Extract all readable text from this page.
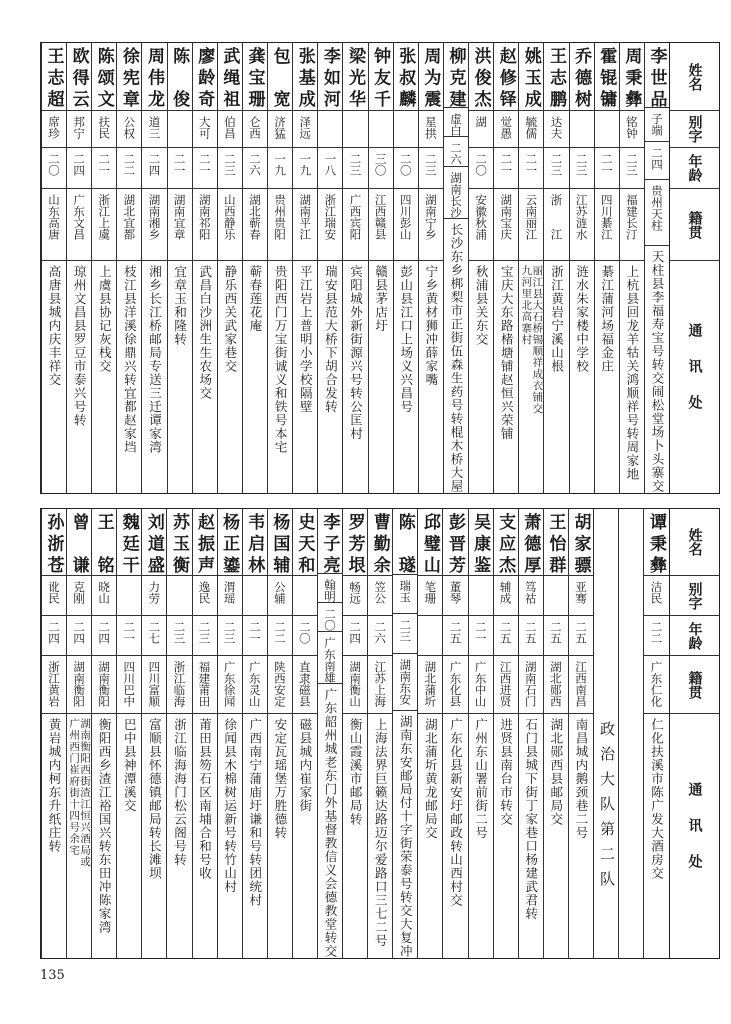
姓名
别字
年龄
籍贯
通讯处
李世品
子端
二四
贵州天柱
天柱县李福寿宝号转交闹松堂场卜头寨交
周秉彝
铭钟
二三
福建长汀
上杭县回龙羊牯关鸿顺祥号转周家地
霍锟镛
二一
四川綦江
綦江蒲河场福金庄
乔德树
二三
江苏涟水
涟水朱家楼中学校
王志鹏
达夫
二三
浙　　江
浙江黄岩宁溪山根
姚玉成
毓儒
二一
云南丽江
丽江县大石桥锡顺祥成衣铺交
九河里北高寨村
赵修铎
觉愚
二一
湖南宝庆
宝庆大东路楮塘铺赵恒兴荣铺
洪俊杰
湖
二〇
安徽秋浦
秋浦县关东交
柳克建
虚白
二六
湖南长沙
长沙东乡梆梨市正街伍森生药号转棍木桥大屋
周为震
星拱
二三
湖南宁乡
宁乡黄材狮冲薛家嘴
张叔麟
二〇
四川彭山
彭山县江口上场义兴昌号
钟友千
三〇
江西赣县
赣县茅店圩
梁光华
二三
广西宾阳
宾阳城外新街源兴号转公匡村
李如河
一八
浙江瑞安
瑞安县范大桥下胡合发转
张基成
泽远
一九
湖南平江
平江岩上普明小学校隔壁
包宽
济猛
一九
贵州贵阳
贵阳西门万宝街诚义和铁号本宅
龚宝珊
仑西
二六
湖北蕲春
蕲春莲花庵
武绳祖
伯昌
二三
山西静乐
静乐西关武家巷交
廖龄奇
大可
二一
湖南祁阳
武昌白沙洲生生农场交
陈俊
二一
湖南宜章
宜章玉和隆转
周伟龙
道三
二四
湖南湘乡
湘乡长江桥邮局专送三迁谭家湾
徐宪章
公权
二二
湖北宜都
枝江县洋溪徐鼎兴转宜都赵家垱
陈颂文
扶民
二一
浙江上虞
上虞县协记灰栈交
欧得云
邦宁
二四
广东文昌
琼州文昌县罗豆市泰兴号转
王志超
席珍
二〇
山东高唐
高唐县城内庆丰祥交
姓名
别字
年龄
籍贯
通讯处
谭秉彝
洁民
二二
广东仁化
仁化扶溪市陈广发大酒房交
政治大队第二队
胡家骠
亚骞
二五
江西南昌
南昌城内鹅颈巷二号
王怡群
二五
湖北郧西
湖北郧西县邮局交
萧德厚
笃祜
二五
湖南石门
石门县城下街丁家巷口杨建武君转
支应杰
辅成
二五
江西进贤
进贤县南台市转交
吴康鉴
二一
广东中山
广州东山署前街二号
彭晋芳
董琴
二五
广东化县
广东化县新安圩邮政转山西村交
邱璧山
笔珊
湖北蒲圻
湖北蒲圻黄龙邮局交
陈璲
瑞玉
二三
湖南东安
湖南东安邮局付十字街荣泰号转交大复冲
曹勤余
笠公
二六
江苏上海
上海法界巨籁达路迈尔爱路口三七二号
罗芳垠
畅远
二四
湖南衡山
衡山霞溪市邮局转
李子亮
翰明
二〇
广东南雄
广东韶州城老东门外基督教信义会德教堂转交
史天和
二〇
直隶磁县
磁县城内崔家街
杨国辅
公辅
二二
陕西安定
安定瓦瑶堡万胜德转
韦启林
二一
广东灵山
广西南宁蒲庙圩谦和号转团统村
杨正鎏
渭瑶
二三
广东徐闻
徐闻县木棉树运新号转竹山村
赵振声
逸民
二三
福建莆田
莆田县笏石区南埔合和号收
苏玉衡
二三
浙江临海
浙江临海海门松云阁号转
刘道盛
力劳
二七
四川富顺
富顺县怀德镇邮局转长滩坝
魏廷干
二一
四川巴中
巴中县神潭溪交
王铭
晓山
二四
湖南衡阳
衡阳西乡渣江裕国兴转东田冲陈家湾
曾谦
克刚
二四
湖南衡阳
湖南衡阳西街渣江恒兴酒局或
广州西门崔府街十四号余宅
孙浙苍
讹民
二四
浙江黄岩
黄岩城内柯东升纸庄转
135
